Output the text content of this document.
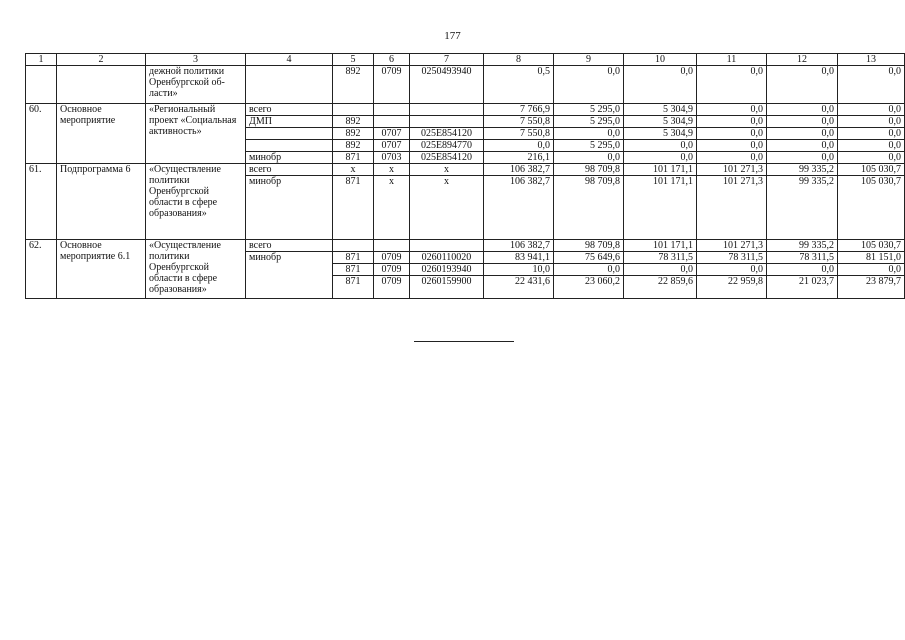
177
1	2	3	4	5	6	7	8	9	10	11	12	13
		дежной политики Оренбургской об-ласти»		892	0709	0250493940	0,5	0,0	0,0	0,0	0,0	0,0
60.	Основное мероприятие	«Региональный проект «Социальная активность»	всего				7 766,9	5 295,0	5 304,9	0,0	0,0	0,0
			ДМП	892			7 550,8	5 295,0	5 304,9	0,0	0,0	0,0
				892	0707	025E854120	7 550,8	0,0	5 304,9	0,0	0,0	0,0
				892	0707	025E894770	0,0	5 295,0	0,0	0,0	0,0	0,0
			минобр	871	0703	025E854120	216,1	0,0	0,0	0,0	0,0	0,0
61.	Подпрограмма 6	«Осуществление политики Оренбургской области в сфере образования»	всего	x	x	x	106 382,7	98 709,8	101 171,1	101 271,3	99 335,2	105 030,7
			минобр	871	x	x	106 382,7	98 709,8	101 171,1	101 271,3	99 335,2	105 030,7
62.	Основное мероприятие 6.1	«Осуществление политики Оренбургской области в сфере образования»	всего				106 382,7	98 709,8	101 171,1	101 271,3	99 335,2	105 030,7
			минобр	871	0709	0260110020	83 941,1	75 649,6	78 311,5	78 311,5	78 311,5	81 151,0
				871	0709	0260193940	10,0	0,0	0,0	0,0	0,0	0,0
				871	0709	0260159900	22 431,6	23 060,2	22 859,6	22 959,8	21 023,7	23 879,7
